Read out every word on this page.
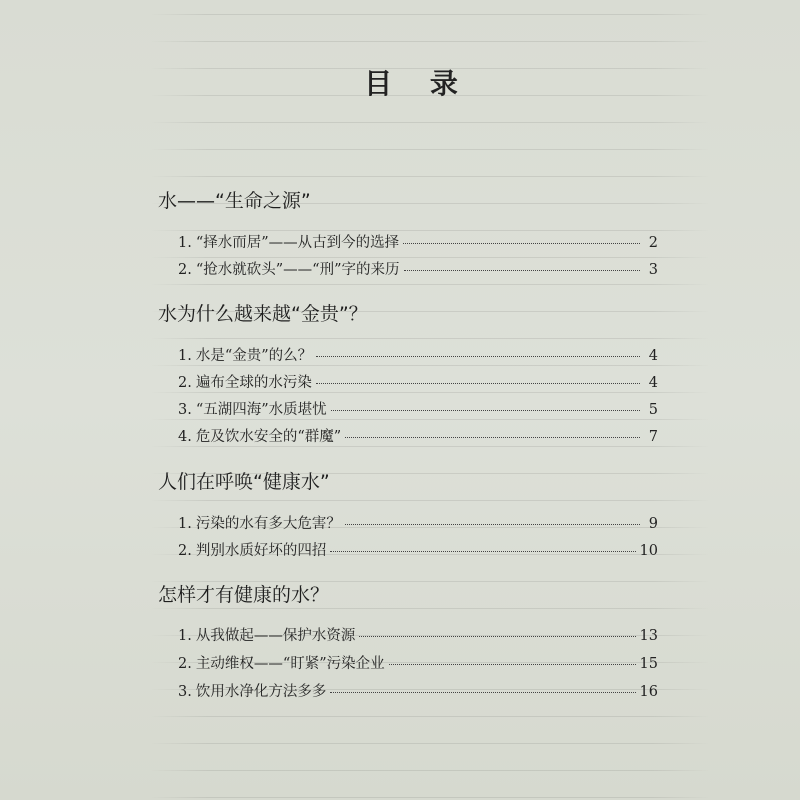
目 录
水——“生命之源”
1. “择水而居”——从古到今的选择	2
2. “抢水就砍头”——“刑”字的来历	3
水为什么越来越“金贵”？
1. 水是“金贵”的么？	4
2. 遍布全球的水污染	4
3. “五湖四海”水质堪忧	5
4. 危及饮水安全的“群魔”	7
人们在呼唤“健康水”
1. 污染的水有多大危害？	9
2. 判别水质好坏的四招	10
怎样才有健康的水？
1. 从我做起——保护水资源	13
2. 主动维权——“盯紧”污染企业	15
3. 饮用水净化方法多多	16
